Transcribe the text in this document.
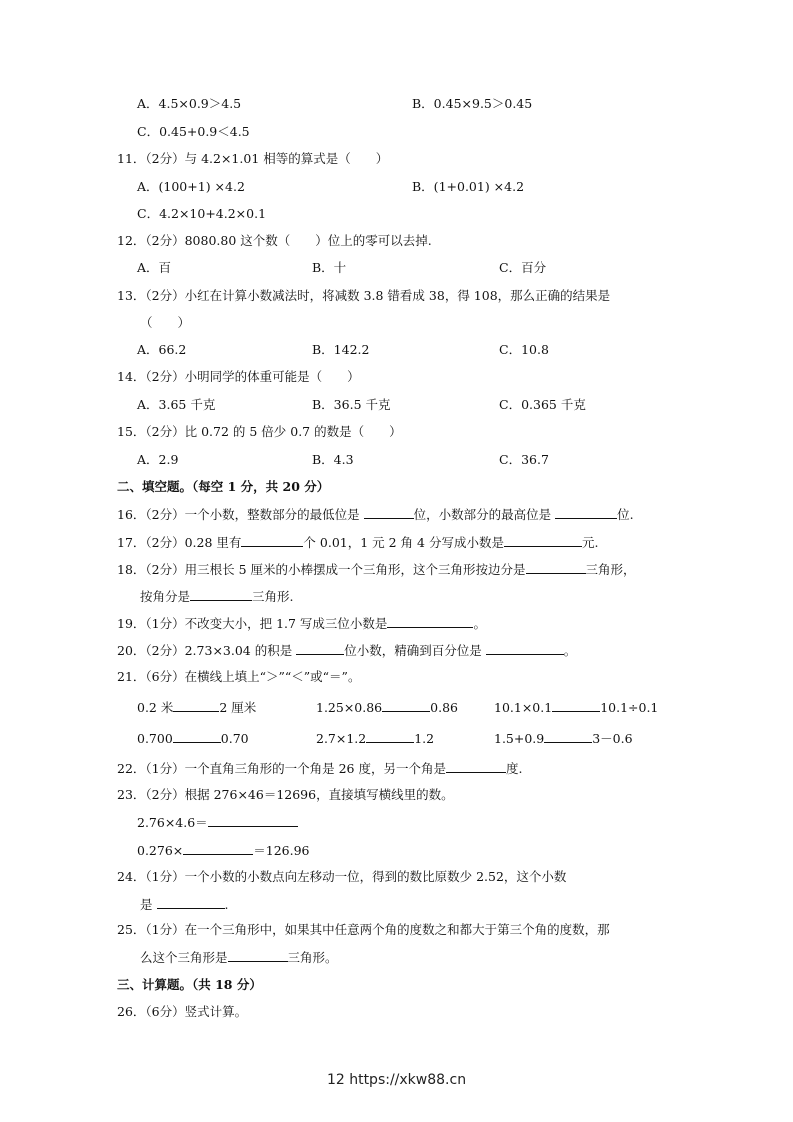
A．4.5×0.9＞4.5	B．0.45×9.5＞0.45
C．0.45+0.9＜4.5
11．（2分）与 4.2×1.01 相等的算式是（　　）
A．(100+1) ×4.2	B．(1+0.01) ×4.2
C．4.2×10+4.2×0.1
12．（2分）8080.80 这个数（　　）位上的零可以去掉.
A．百	B．十	C．百分
13．（2分）小红在计算小数减法时，将减数 3.8 错看成 38，得 108，那么正确的结果是
（　　）
A．66.2	B．142.2	C．10.8
14．（2分）小明同学的体重可能是（　　）
A．3.65 千克	B．36.5 千克	C．0.365 千克
15．（2分）比 0.72 的 5 倍少 0.7 的数是（　　）
A．2.9	B．4.3	C．36.7
二、填空题。（每空 1 分，共 20 分）
16．（2分）一个小数，整数部分的最低位是	位，小数部分的最高位是	位.
17．（2分）0.28 里有	个 0.01，1 元 2 角 4 分写成小数是	元.
18．（2分）用三根长 5 厘米的小棒摆成一个三角形，这个三角形按边分是	三角形，
按角分是	三角形.
19．（1分）不改变大小，把 1.7 写成三位小数是	。
20．（2分）2.73×3.04 的积是	位小数，精确到百分位是	。
21．（6分）在横线上填上“＞”“＜”或“＝”。
0.2 米	2 厘米	1.25×0.86	0.86	10.1×0.1	10.1÷0.1
0.700	0.70	2.7×1.2	1.2	1.5+0.9	3－0.6
22．（1分）一个直角三角形的一个角是 26 度，另一个角是	度.
23．（2分）根据 276×46＝12696，直接填写横线里的数。
2.76×4.6＝
0.276×	＝126.96
24．（1分）一个小数的小数点向左移动一位，得到的数比原数少 2.52，这个小数
是	.
25．（1分）在一个三角形中，如果其中任意两个角的度数之和都大于第三个角的度数，那
么这个三角形是	三角形。
三、计算题。（共 18 分）
26．（6分）竖式计算。
12 https://xkw88.cn
